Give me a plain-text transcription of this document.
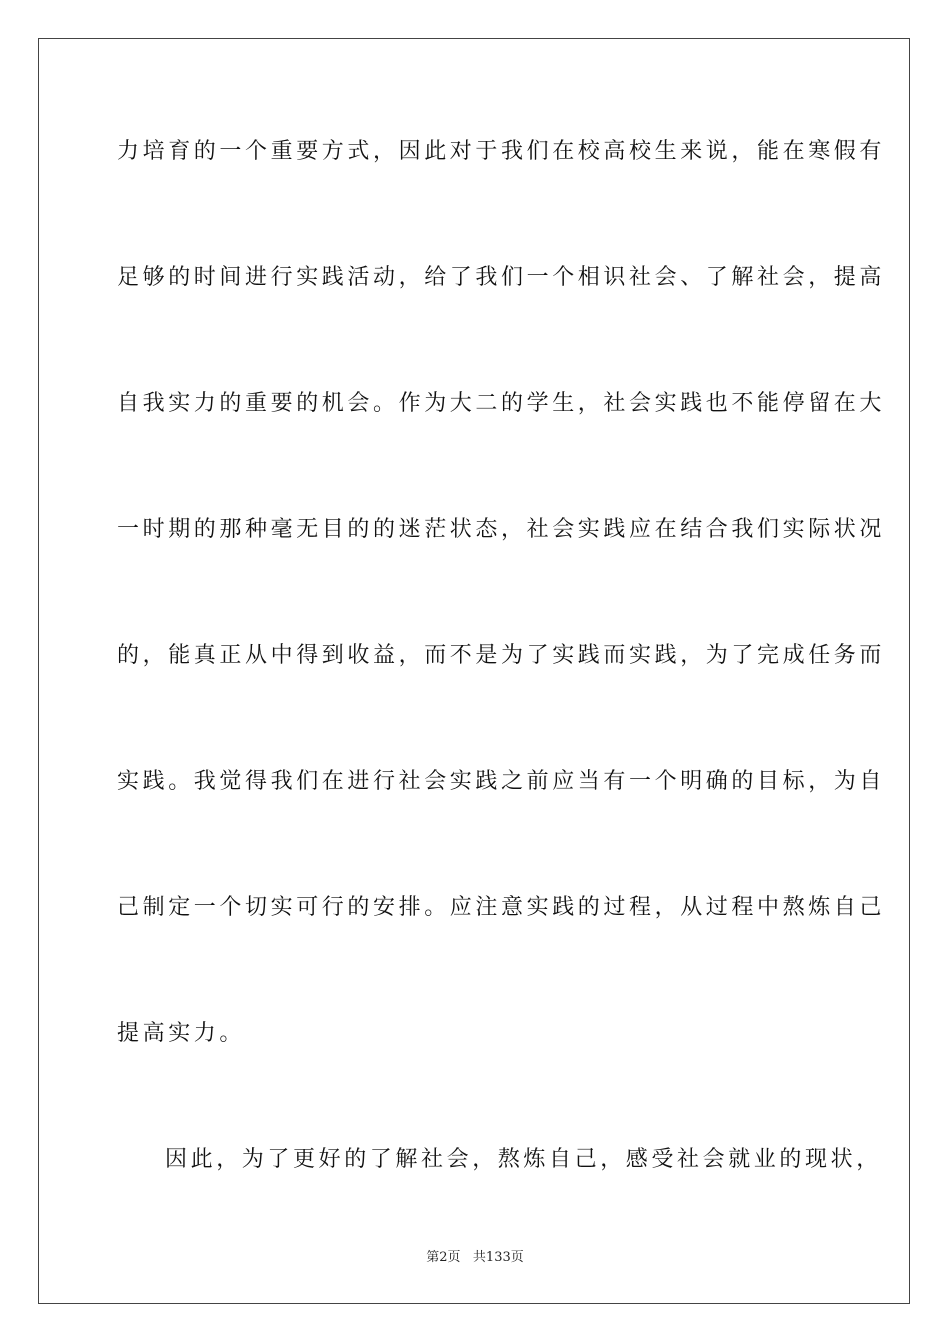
力培育的一个重要方式，因此对于我们在校高校生来说，能在寒假有
足够的时间进行实践活动，给了我们一个相识社会、了解社会，提高
自我实力的重要的机会。作为大二的学生，社会实践也不能停留在大
一时期的那种毫无目的的迷茫状态，社会实践应在结合我们实际状况
的，能真正从中得到收益，而不是为了实践而实践，为了完成任务而
实践。我觉得我们在进行社会实践之前应当有一个明确的目标，为自
己制定一个切实可行的安排。应注意实践的过程，从过程中熬炼自己
提高实力。
因此，为了更好的了解社会，熬炼自己，感受社会就业的现状，
第2页 共133页
